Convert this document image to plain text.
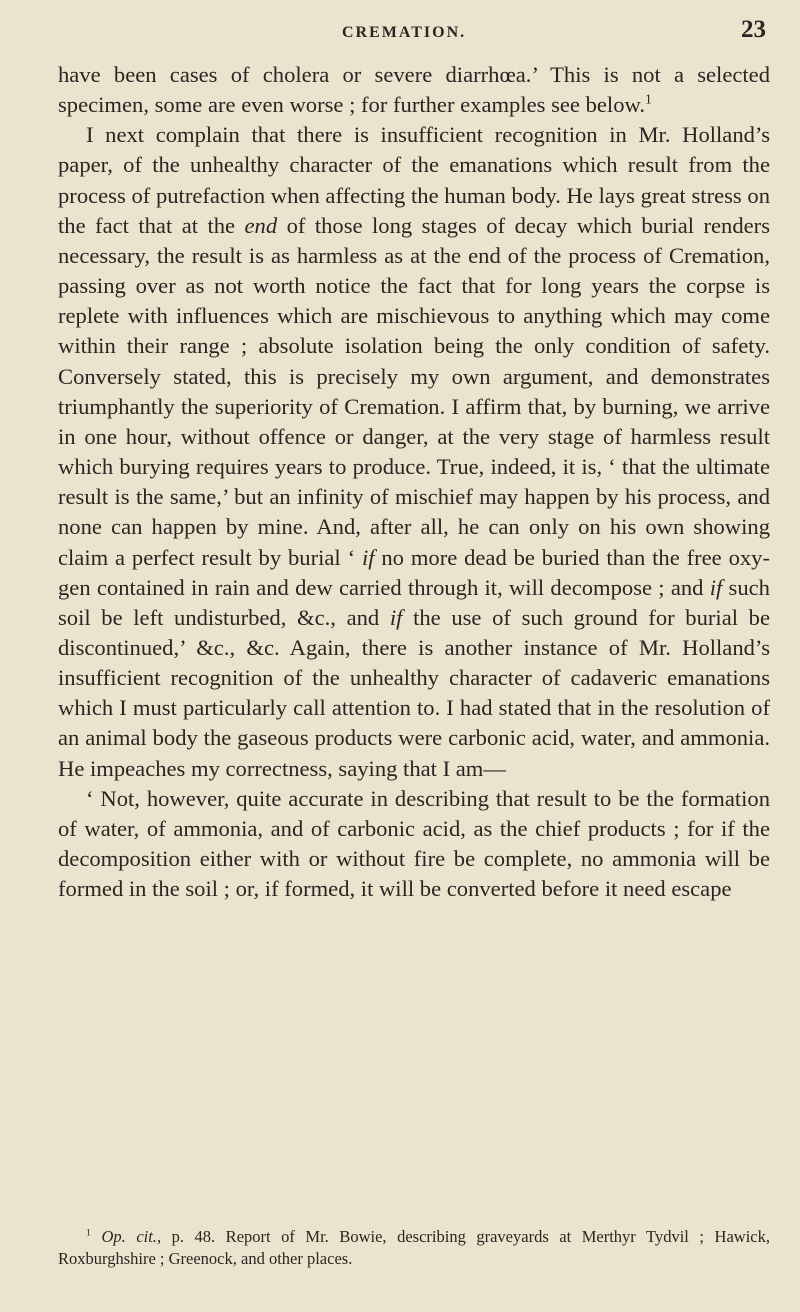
CREMATION.	23

have been cases of cholera or severe diarrhœa.’ This is not a selected specimen, some are even worse ; for further examples see below.$^1$

I next complain that there is insufficient recognition in Mr. Holland’s paper, of the unhealthy character of the emanations which result from the process of putrefaction when affecting the human body. He lays great stress on the fact that at the end of those long stages of decay which burial renders necessary, the result is as harmless as at the end of the process of Cremation, passing over as not worth notice the fact that for long years the corpse is replete with influences which are mischievous to anything which may come within their range ; absolute isolation being the only condition of safety. Conversely stated, this is precisely my own argument, and demonstrates triumphantly the superiority of Cremation. I affirm that, by burning, we arrive in one hour, without offence or danger, at the very stage of harmless result which burying requires years to produce. True, indeed, it is, ‘ that the ultimate result is the same,’ but an infinity of mischief may happen by his process, and none can happen by mine. And, after all, he can only on his own showing claim a perfect result by burial ‘ if no more dead be buried than the free oxygen contained in rain and dew carried through it, will decompose ; and if such soil be left undisturbed, &c., and if the use of such ground for burial be discontinued,’ &c., &c. Again, there is another instance of Mr. Holland’s insufficient recognition of the unhealthy character of cadaveric emanations which I must particularly call attention to. I had stated that in the resolution of an animal body the gaseous products were carbonic acid, water, and ammonia. He impeaches my correctness, saying that I am—

‘ Not, however, quite accurate in describing that result to be the formation of water, of ammonia, and of carbonic acid, as the chief products ; for if the decomposition either with or without fire be complete, no ammonia will be formed in the soil ; or, if formed, it will be converted before it need escape

$^1$ Op. cit., p. 48. Report of Mr. Bowie, describing graveyards at Merthyr Tydvil ; Hawick, Roxburghshire ; Greenock, and other places.
